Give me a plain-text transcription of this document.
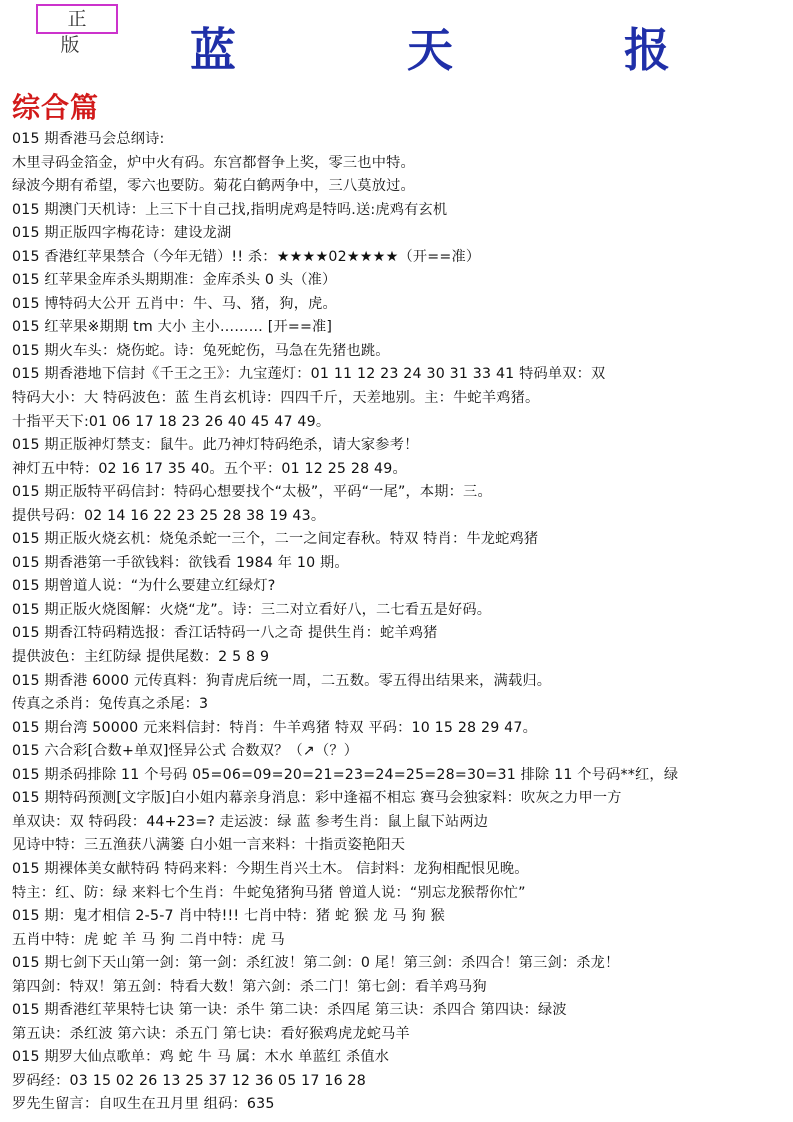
正版	蓝	天	报
综合篇
015 期香港马会总纲诗:
木里寻码金箔金，炉中火有码。东宫都督争上奖，零三也中特。
绿波今期有希望，零六也要防。菊花白鹤两争中，三八莫放过。
015 期澳门天机诗：上三下十自己找,指明虎鸡是特吗.送:虎鸡有玄机
015 期正版四字梅花诗：建设龙湖
015 香港红苹果禁合（今年无错）!! 杀：★★★★02★★★★（开==准）
015 红苹果金库杀头期期准：金库杀头 0 头（准）
015 博特码大公开 五肖中：牛、马、猪，狗，虎。
015 红苹果※期期 tm 大小 主小……… [开==准]
015 期火车头：烧伤蛇。诗：兔死蛇伤，马急在先猪也跳。
015 期香港地下信封《千王之王》：九宝莲灯：01 11 12 23 24 30 31 33 41 特码单双：双
特码大小：大 特码波色：蓝 生肖玄机诗：四四千斤，天差地别。主：牛蛇羊鸡猪。
十指平天下:01 06 17 18 23 26 40 45 47 49。
015 期正版神灯禁支：鼠牛。此乃神灯特码绝杀，请大家参考！
神灯五中特：02 16 17 35 40。五个平：01 12 25 28 49。
015 期正版特平码信封：特码心想要找个“太极”，平码“一尾”，本期：三。
提供号码：02 14 16 22 23 25 28 38 19 43。
015 期正版火烧玄机：烧兔杀蛇一三个，二一之间定春秋。特双 特肖：牛龙蛇鸡猪
015 期香港第一手欲钱料：欲钱看 1984 年 10 期。
015 期曾道人说：“为什么要建立红绿灯?
015 期正版火烧图解：火烧“龙”。诗：三二对立看好八，二七看五是好码。
015 期香江特码精选报：香江话特码一八之奇 提供生肖：蛇羊鸡猪
提供波色：主红防绿 提供尾数：2 5 8 9
015 期香港 6000 元传真料：狗青虎后统一周，二五数。零五得出结果来，满载归。
传真之杀肖：兔传真之杀尾：3
015 期台湾 50000 元来料信封：特肖：牛羊鸡猪 特双 平码：10 15 28 29 47。
015 六合彩[合数+单双]怪异公式 合数双？（↗（？）
015 期杀码排除 11 个号码 05=06=09=20=21=23=24=25=28=30=31 排除 11 个号码**红，绿
015 期特码预测[文字版]白小姐内幕亲身消息：彩中逢福不相忘 赛马会独家料：吹灰之力甲一方
单双诀：双 特码段：44+23=? 走运波：绿 蓝 参考生肖：鼠上鼠下站两边
见诗中特：三五渔获八满篓 白小姐一言来料：十指贡姿艳阳天
015 期裸体美女献特码 特码来料：今期生肖兴土木。 信封料：龙狗相配恨见晚。
特主：红、防：绿 来料七个生肖：牛蛇兔猪狗马猪 曾道人说：“别忘龙猴帮你忙”
015 期：鬼才相信 2-5-7 肖中特!!! 七肖中特：猪 蛇 猴 龙 马 狗 猴
五肖中特：虎 蛇 羊 马 狗 二肖中特：虎 马
015 期七剑下天山第一剑：第一剑：杀红波！第二剑：0 尾！第三剑：杀四合！第三剑：杀龙！
第四剑：特双！第五剑：特看大数！第六剑：杀二门！第七剑：看羊鸡马狗
015 期香港红苹果特七诀 第一诀：杀牛 第二诀：杀四尾 第三诀：杀四合 第四诀：绿波
第五诀：杀红波 第六诀：杀五门 第七诀：看好猴鸡虎龙蛇马羊
015 期罗大仙点歌单：鸡 蛇 牛 马 属：木水 单蓝红 杀值水
罗码经：03 15 02 26 13 25 37 12 36 05 17 16 28
罗先生留言：自叹生在丑月里 组码：635
